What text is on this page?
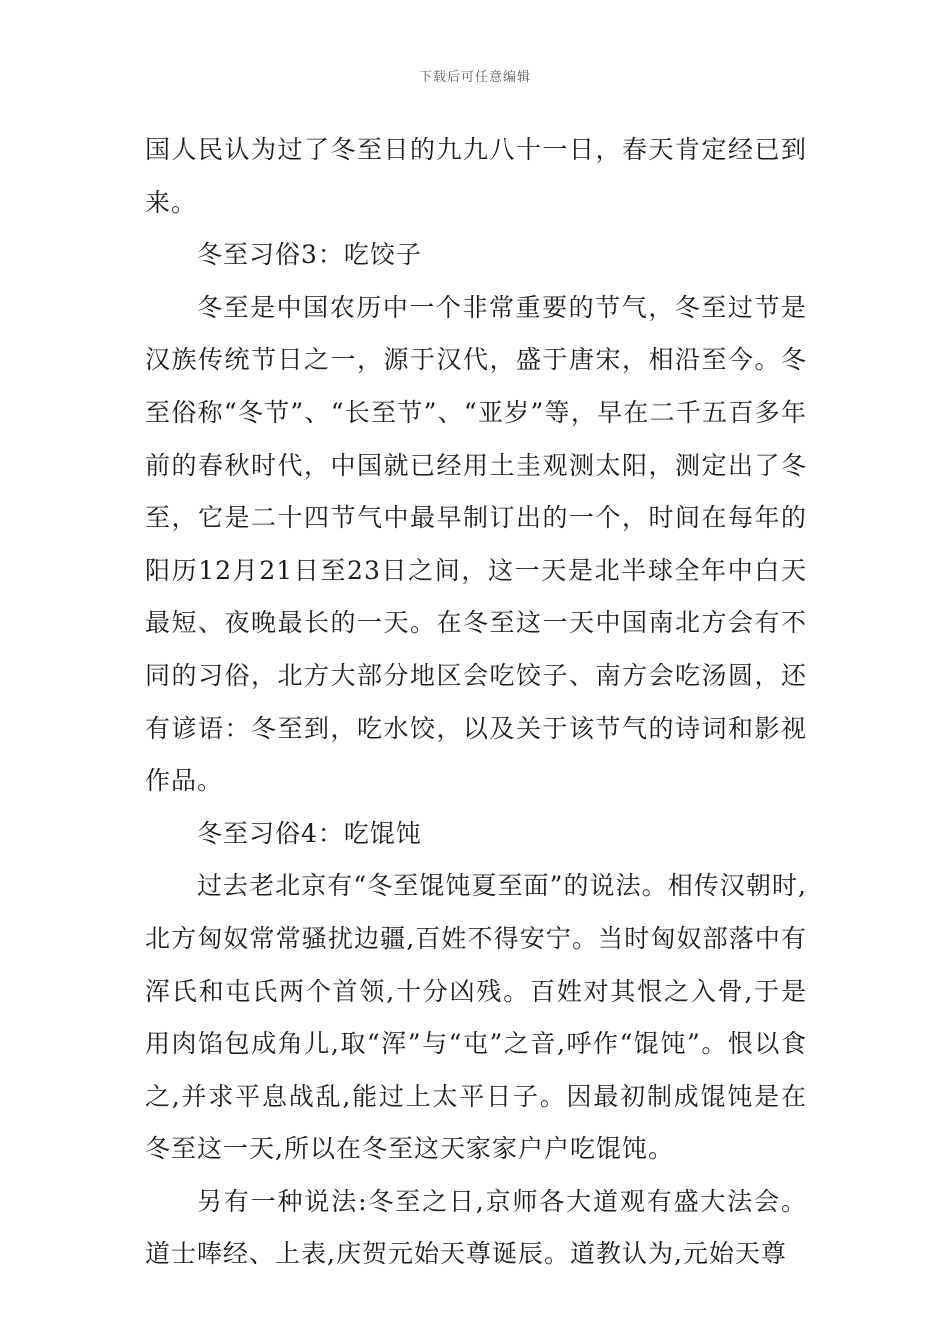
下载后可任意编辑

国人民认为过了冬至日的九九八十一日，春天肯定经已到来。

冬至习俗3：吃饺子

冬至是中国农历中一个非常重要的节气，冬至过节是汉族传统节日之一，源于汉代，盛于唐宋，相沿至今。冬至俗称“冬节”、“长至节”、“亚岁”等，早在二千五百多年前的春秋时代，中国就已经用土圭观测太阳，测定出了冬至，它是二十四节气中最早制订出的一个，时间在每年的阳历12月21日至23日之间，这一天是北半球全年中白天最短、夜晚最长的一天。在冬至这一天中国南北方会有不同的习俗，北方大部分地区会吃饺子、南方会吃汤圆，还有谚语：冬至到，吃水饺，以及关于该节气的诗词和影视作品。

冬至习俗4：吃馄饨

过去老北京有“冬至馄饨夏至面”的说法。相传汉朝时,北方匈奴常常骚扰边疆,百姓不得安宁。当时匈奴部落中有浑氏和屯氏两个首领,十分凶残。百姓对其恨之入骨,于是用肉馅包成角儿,取“浑”与“屯”之音,呼作“馄饨”。恨以食之,并求平息战乱,能过上太平日子。因最初制成馄饨是在冬至这一天,所以在冬至这天家家户户吃馄饨。

另有一种说法:冬至之日,京师各大道观有盛大法会。道士唪经、上表,庆贺元始天尊诞辰。道教认为,元始天尊
